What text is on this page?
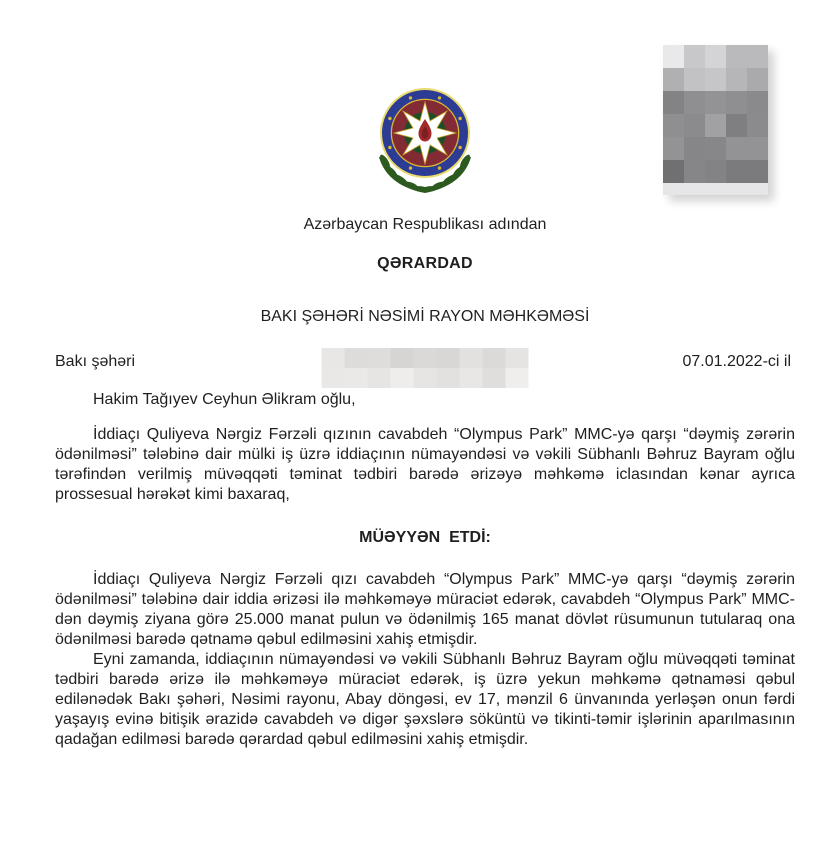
Azərbaycan Respublikası adından
QƏRARDAD
BAKI ŞƏHƏRİ NƏSİMİ RAYON MƏHKƏMƏSİ
Bakı şəhəri	07.01.2022-ci il

Hakim Tağıyev Ceyhun Əlikram oğlu,

İddiaçı Quliyeva Nərgiz Fərzəli qızının cavabdeh “Olympus Park” MMC-yə qarşı “dəymiş zərərin ödənilməsi” tələbinə dair mülki iş üzrə iddiaçının nümayəndəsi və vəkili Sübhanlı Bəhruz Bayram oğlu tərəfindən verilmiş müvəqqəti təminat tədbiri barədə ərizəyə məhkəmə iclasından kənar ayrıca prossesual hərəkət kimi baxaraq,

MÜƏYYƏN  ETDİ:

İddiaçı Quliyeva Nərgiz Fərzəli qızı cavabdeh “Olympus Park” MMC-yə qarşı “dəymiş zərərin ödənilməsi” tələbinə dair iddia ərizəsi ilə məhkəməyə müraciət edərək, cavabdeh “Olympus Park” MMC-dən dəymiş ziyana görə 25.000 manat pulun və ödənilmiş 165 manat dövlət rüsumunun tutularaq ona ödənilməsi barədə qətnamə qəbul edilməsini xahiş etmişdir.

Eyni zamanda, iddiaçının nümayəndəsi və vəkili Sübhanlı Bəhruz Bayram oğlu müvəqqəti təminat tədbiri barədə ərizə ilə məhkəməyə müraciət edərək, iş üzrə yekun məhkəmə qətnaməsi qəbul edilənədək Bakı şəhəri, Nəsimi rayonu, Abay döngəsi, ev 17, mənzil 6 ünvanında yerləşən onun fərdi yaşayış evinə bitişik ərazidə cavabdeh və digər şəxslərə söküntü və tikinti-təmir işlərinin aparılmasının qadağan edilməsi barədə qərardad qəbul edilməsini xahiş etmişdir.
